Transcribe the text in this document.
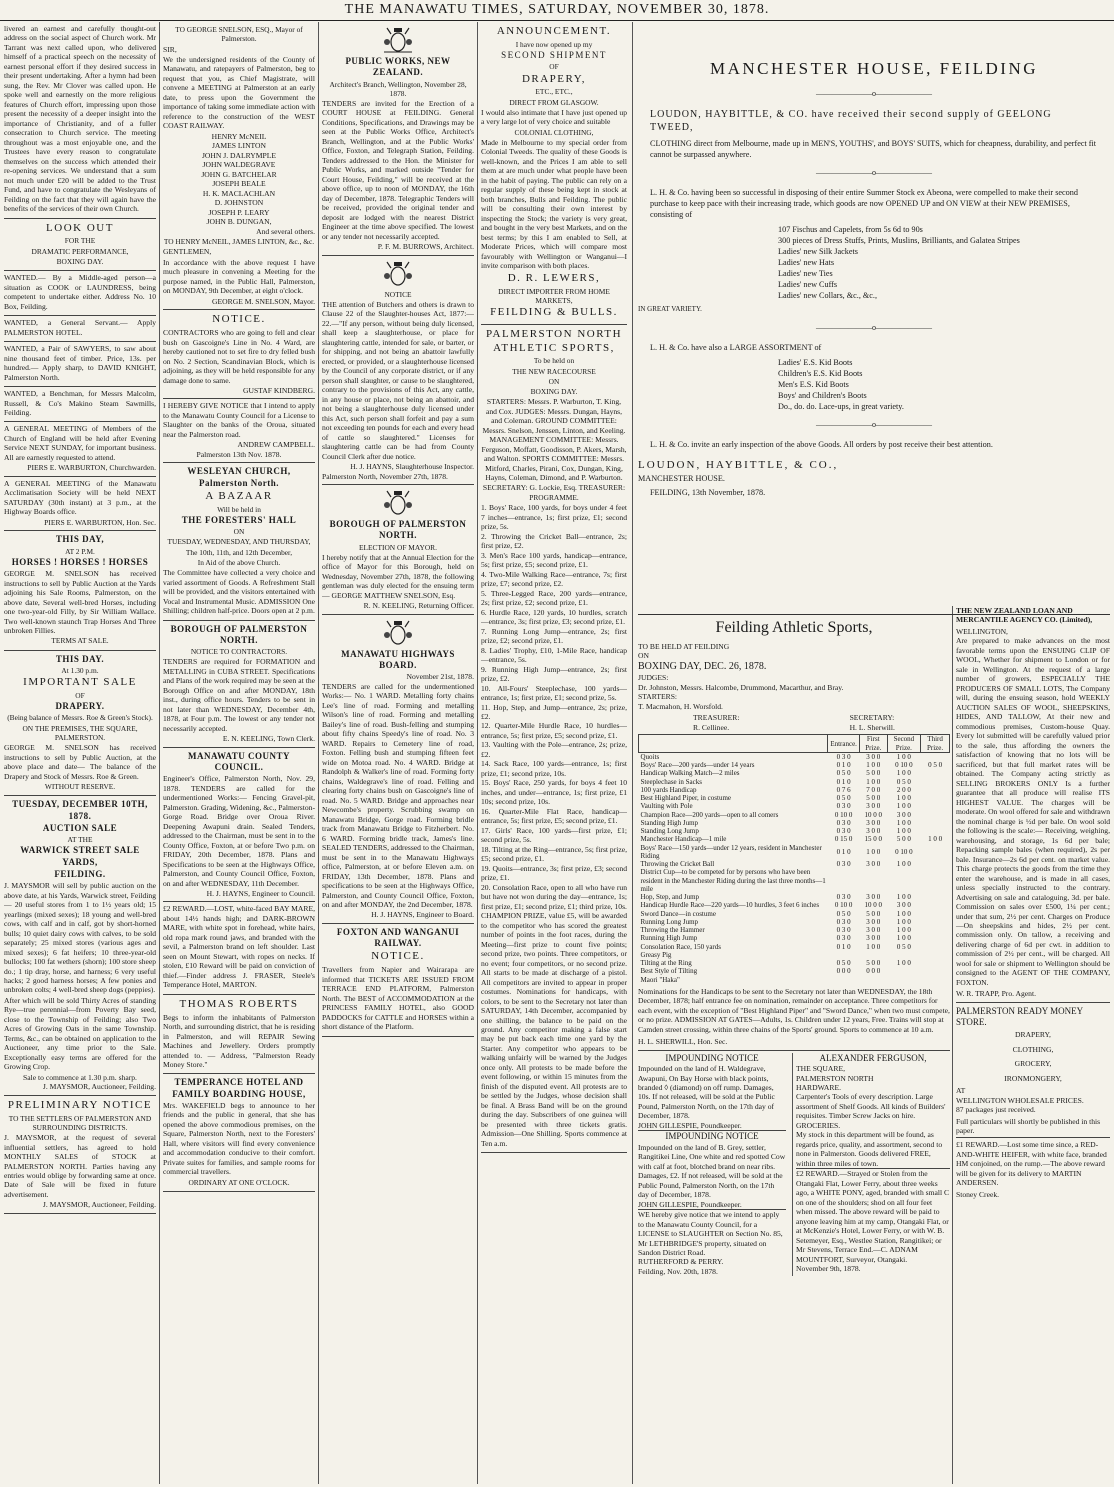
THE MANAWATU TIMES, SATURDAY, NOVEMBER 30, 1878.

livered an earnest and carefully thought-out address on the social aspect of Church work. Mr Tarrant was next called upon, who delivered himself of a practical speech on the necessity of earnest personal effort if they desired success in their present undertaking. After a hymn had been sung, the Rev. Mr Clover was called upon. He spoke well and earnestly on the more religious features of Church effort, impressing upon those present the necessity of a deeper insight into the importance of Christianity, and of a fuller consecration to Church service. The meeting throughout was a most enjoyable one, and the Trustees have every reason to congratulate themselves on the success which attended their re-opening services. We understand that a sum not much under £20 will be added to the Trust Fund, and have to congratulate the Wesleyans of Feilding on the fact that they will again have the benefits of the services of their own Church.

LOOK OUT
FOR THE
DRAMATIC PERFORMANCE,
BOXING DAY.

WANTED.— By a Middle-aged person—a situation as COOK or LAUNDRESS, being competent to undertake either. Address No. 10 Box, Feilding.

WANTED, a General Servant.— Apply PALMERSTON HOTEL.

WANTED, a Pair of SAWYERS, to saw about nine thousand feet of timber. Price, 13s. per hundred.— Apply sharp, to DAVID KNIGHT, Palmerston North.

WANTED, a Benchman, for Messrs Malcolm, Russell, & Co's Makino Steam Sawmills, Feilding.

A GENERAL MEETING of Members of the Church of England will be held after Evening Service NEXT SUNDAY, for important business. All are earnestly requested to attend.

PIERS E. WARBURTON, Churchwarden.

A GENERAL MEETING of the Manawatu Acclimatisation Society will be held NEXT SATURDAY (30th instant) at 3 p.m., at the Highway Boards office.

PIERS E. WARBURTON, Hon. Sec.
THIS DAY,
AT 2 P.M.
HORSES ! HORSES ! HORSES

GEORGE M. SNELSON has received instructions to sell by Public Auction at the Yards adjoining his Sale Rooms, Palmerston, on the above date, Several well-bred Horses, including one two-year-old Filly, by Sir William Wallace. Two well-known staunch Trap Horses And Three unbroken Fillies.

TERMS AT SALE.
THIS DAY.
At 1.30 p.m.
IMPORTANT SALE
OF
DRAPERY.
(Being balance of Messrs. Roe & Green's Stock).
ON THE PREMISES, THE SQUARE, PALMERSTON.

GEORGE M. SNELSON has received instructions to sell by Public Auction, at the above place and date— The balance of the Drapery and Stock of Messrs. Roe & Green.

WITHOUT RESERVE.
TUESDAY, DECEMBER 10TH, 1878.
AUCTION SALE
AT THE
WARWICK STREET SALE YARDS,
FEILDING.

J. MAYSMOR will sell by public auction on the above date, at his Yards, Warwick street, Feilding— 20 useful stores from 1 to 1½ years old; 15 yearlings (mixed sexes); 18 young and well-bred cows, with calf and in calf, got by short-horned bulls; 10 quiet dairy cows with calves, to be sold separately; 25 mixed stores (various ages and mixed sexes); 6 fat heifers; 10 three-year-old bullocks; 100 fat wethers (shorn); 100 store sheep do.; 1 tip dray, horse, and harness; 6 very useful hacks; 2 good harness horses; A few ponies and unbroken colts; 4 well-bred sheep dogs (peppies).

After which will be sold Thirty Acres of standing Rye—true perennial—from Poverty Bay seed, close to the Township of Feilding; also Two Acres of Growing Oats in the same Township. Terms, &c., can be obtained on application to the Auctioneer, any time prior to the Sale. Exceptionally easy terms are offered for the Growing Crop.

Sale to commence at 1.30 p.m. sharp.
J. MAYSMOR, Auctioneer, Feilding.
PRELIMINARY NOTICE
TO THE SETTLERS OF PALMERSTON AND SURROUNDING DISTRICTS.

J. MAYSMOR, at the request of several influential settlers, has agreed to hold MONTHLY SALES of STOCK at PALMERSTON NORTH. Parties having any entries would oblige by forwarding same at once. Date of Sale will be fixed in future advertisement.

J. MAYSMOR, Auctioneer, Feilding.
TO GEORGE SNELSON, ESQ., Mayor of Palmerston.

SIR,

We the undersigned residents of the County of Manawatu, and ratepayers of Palmerston, beg to request that you, as Chief Magistrate, will convene a MEETING at Palmerston at an early date, to press upon the Government the importance of taking some immediate action with reference to the construction of the WEST COAST RAILWAY.

HENRY McNEIL
JAMES LINTON
JOHN J. DALRYMPLE
JOHN WALDEGRAVE
JOHN G. BATCHELAR
JOSEPH BEALE
H. K. MACLACHLAN
D. JOHNSTON
JOSEPH P. LEARY
JOHN B. DUNGAN,
And several others.
TO HENRY McNEIL, JAMES LINTON, &c., &c.

GENTLEMEN,

In accordance with the above request I have much pleasure in convening a Meeting for the purpose named, in the Public Hall, Palmerston, on MONDAY, 9th December, at eight o'clock.

GEORGE M. SNELSON, Mayor.
NOTICE.

CONTRACTORS who are going to fell and clear bush on Gascoigne's Line in No. 4 Ward, are hereby cautioned not to set fire to dry felled bush on No. 2 Section, Scandinavian Block, which is adjoining, as they will be held responsible for any damage done to same.

GUSTAF KINDBERG.

I HEREBY GIVE NOTICE that I intend to apply to the Manawatu County Council for a License to Slaughter on the banks of the Oroua, situated near the Palmerston road.

ANDREW CAMPBELL.
Palmerston 13th Nov. 1878.
WESLEYAN CHURCH, Palmerston North.
A BAZAAR
Will be held in
THE FORESTERS' HALL
ON
TUESDAY, WEDNESDAY, AND THURSDAY,
The 10th, 11th, and 12th December,
In Aid of the above Church.

The Committee have collected a very choice and varied assortment of Goods. A Refreshment Stall will be provided, and the visitors entertained with Vocal and Instrumental Music. ADMISSION One Shilling; children half-price. Doors open at 2 p.m.

BOROUGH OF PALMERSTON NORTH.
NOTICE TO CONTRACTORS.

TENDERS are required for FORMATION and METALLING in CUBA STREET. Specifications and Plans of the work required may be seen at the Borough Office on and after MONDAY, 18th inst., during office hours. Tenders to be sent in not later than WEDNESDAY, December 4th, 1878, at Four p.m. The lowest or any tender not necessarily accepted.

E. N. KEELING, Town Clerk.
MANAWATU COUNTY COUNCIL.

Engineer's Office, Palmerston North, Nov. 29, 1878. TENDERS are called for the undermentioned Works:— Fencing Gravel-pit, Palmerston. Grading, Widening, &c., Palmerston-Gorge Road. Bridge over Oroua River. Deepening Awapuni drain. Sealed Tenders, addressed to the Chairman, must be sent in to the County Office, Foxton, at or before Two p.m. on FRIDAY, 20th December, 1878. Plans and Specifications to be seen at the Highways Office, Palmerston, and County Council Office, Foxton, on and after WEDNESDAY, 11th December.

H. J. HAYNS, Engineer to Council.

£2 REWARD.—LOST, white-faced BAY MARE, about 14½ hands high; and DARK-BROWN MARE, with white spot in forehead, white hairs, old ropa mark round jaws, and branded with the sevil, a Palmerston brand on left shoulder. Last seen on Mount Stewart, with ropes on necks. If stolen, £10 Reward will be paid on conviction of thief.—Finder address J. FRASER, Steele's Temperance Hotel, MARTON.

THOMAS ROBERTS

Begs to inform the inhabitants of Palmerston North, and surrounding district, that he is residing in Palmerston, and will REPAIR Sewing Machines and Jewellery. Orders promptly attended to. — Address, "Palmerston Ready Money Store."

TEMPERANCE HOTEL AND FAMILY BOARDING HOUSE,

Mrs. WAKEFIELD begs to announce to her friends and the public in general, that she has opened the above commodious premises, on the Square, Palmerston North, next to the Foresters' Hall, where visitors will find every convenience and accommodation conducive to their comfort. Private suites for families, and sample rooms for commercial travellers.

ORDINARY AT ONE O'CLOCK.
PUBLIC WORKS, NEW ZEALAND.
Architect's Branch, Wellington, November 28, 1878.

TENDERS are invited for the Erection of a COURT HOUSE at FEILDING. General Conditions, Specifications, and Drawings may be seen at the Public Works Office, Architect's Branch, Wellington, and at the Public Works' Office, Foxton, and Telegraph Station, Feilding. Tenders addressed to the Hon. the Minister for Public Works, and marked outside "Tender for Court House, Feilding," will be received at the above office, up to noon of MONDAY, the 16th day of December, 1878. Telegraphic Tenders will be received, provided the original tender and deposit are lodged with the nearest District Engineer at the time above specified. The lowest or any tender not necessarily accepted.

P. F. M. BURROWS, Architect.
NOTICE

THE attention of Butchers and others is drawn to Clause 22 of the Slaughter-houses Act, 1877:— 22.—"If any person, without being duly licensed, shall keep a slaughterhouse, or place for slaughtering cattle, intended for sale, or barter, or for shipping, and not being an abattoir lawfully erected, or provided, or a slaughterhouse licensed by the Council of any corporate district, or if any person shall slaughter, or cause to be slaughtered, contrary to the provisions of this Act, any cattle, in any house or place, not being an abattoir, and not being a slaughterhouse duly licensed under this Act, such person shall forfeit and pay a sum not exceeding ten pounds for each and every head of cattle so slaughtered." Licenses for slaughtering cattle can be had from County Council Clerk after due notice.

H. J. HAYNS, Slaughterhouse Inspector.
Palmerston North, November 27th, 1878.
BOROUGH OF PALMERSTON NORTH.
ELECTION OF MAYOR.

I hereby notify that at the Annual Election for the office of Mayor for this Borough, held on Wednesday, November 27th, 1878, the following gentleman was duly elected for the ensuing term— GEORGE MATTHEW SNELSON, Esq.

R. N. KEELING, Returning Officer.
MANAWATU HIGHWAYS BOARD.
November 21st, 1878.

TENDERS are called for the undermentioned Works:— No. 1 WARD. Metalling forty chains Lee's line of road. Forming and metalling Wilson's line of road. Forming and metalling Bailey's line of road. Bush-felling and stumping about fifty chains Speedy's line of road. No. 3 WARD. Repairs to Cemetery line of road, Foxton. Felling bush and stumping fifteen feet wide on Motoa road. No. 4 WARD. Bridge at Randolph & Walker's line of road. Forming forty chains, Waldegrave's line of road. Felling and clearing forty chains bush on Gascoigne's line of road. No. 5 WARD. Bridge and approaches near Newcombe's property. Scrubbing swamp on Manawatu Bridge, Gorge road. Forming bridle track from Manawatu Bridge to Fitzherbert. No. 6 WARD. Forming bridle track, James's line. SEALED TENDERS, addressed to the Chairman, must be sent in to the Manawatu Highways office, Palmerston, at or before Eleven a.m. on FRIDAY, 13th December, 1878. Plans and specifications to be seen at the Highways Office, Palmerston, and County Council Office, Foxton, on and after MONDAY, the 2nd December, 1878.

H. J. HAYNS, Engineer to Board.
FOXTON AND WANGANUI RAILWAY.
NOTICE.

Travellers from Napier and Wairarapa are informed that TICKETS ARE ISSUED FROM TERRACE END PLATFORM, Palmerston North. The BEST of ACCOMMODATION at the PRINCESS FAMILY HOTEL, also GOOD PADDOCKS for CATTLE and HORSES within a short distance of the Platform.

ANNOUNCEMENT.
I have now opened up my
SECOND SHIPMENT
OF
DRAPERY,
ETC., ETC.,
DIRECT FROM GLASGOW.

I would also intimate that I have just opened up a very large lot of very choice and suitable

COLONIAL CLOTHING,

Made in Melbourne to my special order from Colonial Tweeds. The quality of these Goods is well-known, and the Prices I am able to sell them at are much under what people have been in the habit of paying. The public can rely on a regular supply of these being kept in stock at both branches, Bulls and Feilding. The public will be consulting their own interest by inspecting the Stock; the variety is very great, and bought in the very best Markets, and on the best terms; by this I am enabled to Sell, at Moderate Prices, which will compare most favourably with Wellington or Wanganui—I invite comparison with both places.

D. R. LEWERS,
DIRECT IMPORTER FROM HOME MARKETS,
FEILDING & BULLS.
PALMERSTON NORTH ATHLETIC SPORTS,
To be held on
THE NEW RACECOURSE
ON
BOXING DAY.

STARTERS: Messrs. P. Warburton, T. King, and Cox. JUDGES: Messrs. Dungan, Hayns, and Coleman. GROUND COMMITTEE: Messrs. Snelson, Jenssen, Linton, and Keeling. MANAGEMENT COMMITTEE: Messrs. Ferguson, Moffatt, Goodisson, P. Akers, Marsh, and Walton. SPORTS COMMITTEE: Messrs. Mitford, Charles, Pirani, Cox, Dungan, King, Hayns, Coleman, Dimond, and P. Warburton. SECRETARY: G. Lockie, Esq. TREASURER:

PROGRAMME.

1. Boys' Race, 100 yards, for boys under 4 feet 7 inches—entrance, 1s; first prize, £1; second prize, 5s.

2. Throwing the Cricket Ball—entrance, 2s; first prize, £2.

3. Men's Race 100 yards, handicap—entrance, 5s; first prize, £5; second prize, £1.

4. Two-Mile Walking Race—entrance, 7s; first prize, £7; second prize, £2.

5. Three-Legged Race, 200 yards—entrance, 2s; first prize, £2; second prize, £1.

6. Hurdle Race, 120 yards, 10 hurdles, scratch—entrance, 3s; first prize, £3; second prize, £1.

7. Running Long Jump—entrance, 2s; first prize, £2; second prize, £1.

8. Ladies' Trophy, £10, 1-Mile Race, handicap—entrance, 5s.

9. Running High Jump—entrance, 2s; first prize, £2.

10. All-Fours' Steeplechase, 100 yards—entrance, 1s; first prize, £1; second prize, 5s.

11. Hop, Step, and Jump—entrance, 2s; prize, £2.

12. Quarter-Mile Hurdle Race, 10 hurdles—entrance, 5s; first prize, £5; second prize, £1.

13. Vaulting with the Pole—entrance, 2s; prize, £2.

14. Sack Race, 100 yards—entrance, 1s; first prize, £1; second prize, 10s.

15. Boys' Race, 250 yards, for boys 4 feet 10 inches, and under—entrance, 1s; first prize, £1 10s; second prize, 10s.

16. Quarter-Mile Flat Race, handicap—entrance, 5s; first prize, £5; second prize, £1.

17. Girls' Race, 100 yards—first prize, £1; second prize, 5s.

18. Tilting at the Ring—entrance, 5s; first prize, £5; second prize, £1.

19. Quoits—entrance, 3s; first prize, £3; second prize, £1.

20. Consolation Race, open to all who have run but have not won during the day—entrance, 1s; first prize, £1; second prize, £1; third prize, 10s.

CHAMPION PRIZE, value £5, will be awarded to the competitor who has scored the greatest number of points in the foot races, during the Meeting—first prize to count five points; second prize, two points. Three competitors, or no event; four competitors, or no second prize. All starts to be made at discharge of a pistol. All competitors are invited to appear in proper costumes. Nominations for handicaps, with colors, to be sent to the Secretary not later than SATURDAY, 14th December, accompanied by one shilling, the balance to be paid on the ground. Any competitor making a false start may be put back each time one yard by the Starter. Any competitor who appears to be walking unfairly will be warned by the Judges once only. All protests to be made before the event following, or within 15 minutes from the finish of the disputed event. All protests are to be settled by the Judges, whose decision shall be final. A Brass Band will be on the ground during the day. Subscribers of one guinea will be presented with three tickets gratis. Admission—One Shilling. Sports commence at Ten a.m.

MANCHESTER HOUSE, FEILDING
———————o———————

LOUDON, HAYBITTLE, & CO. have received their second supply of GEELONG TWEED,

CLOTHING direct from Melbourne, made up in MEN'S, YOUTHS', and BOYS' SUITS, which for cheapness, durability, and perfect fit cannot be surpassed anywhere.

———————o———————

L. H. & Co. having been so successful in disposing of their entire Summer Stock ex Abeona, were compelled to make their second purchase to keep pace with their increasing trade, which goods are now OPENED UP and ON VIEW at their NEW PREMISES, consisting of

107 Fischus and Capelets, from 5s 6d to 90s
300 pieces of Dress Stuffs, Prints, Muslins, Brilliants, and Galatea Stripes
Ladies' new Silk Jackets
Ladies' new Hats
Ladies' new Ties
Ladies' new Cuffs
Ladies' new Collars, &c., &c.,
IN GREAT VARIETY.
———————o———————

L. H. & Co. have also a LARGE ASSORTMENT of

Ladies' E.S. Kid Boots
Children's E.S. Kid Boots
Men's E.S. Kid Boots
Boys' and Children's Boots
Do., do. do. Lace-ups, in great variety.
———————o———————

L. H. & Co. invite an early inspection of the above Goods. All orders by post receive their best attention.

LOUDON, HAYBITTLE, & CO.,
MANCHESTER HOUSE.

FEILDING, 13th November, 1878.

Feilding Athletic Sports,
TO BE HELD AT FEILDING
ON
BOXING DAY, DEC. 26, 1878.
JUDGES:
Dr. Johnston, Messrs. Halcombe, Drummond, Macarthur, and Bray.
STARTERS:
T. Macmahon, H. Worsfold.
TREASURER:
R. Cellinee.
SECRETARY:
H. L. Sherwill.
	Entrance.	First Prize.	Second Prize.	Third Prize.
Quoits	0 3 0	3 0 0	1 0 0	
Boys' Race—200 yards—under 14 years	0 1 0	1 0 0	0 10 0	0 5 0
Handicap Walking Match—2 miles	0 5 0	5 0 0	1 0 0	
Steeplechase in Sacks	0 1 0	1 0 0	0 5 0	
100 yards Handicap	0 7 6	7 0 0	2 0 0	
Best Highland Piper, in costume	0 5 0	5 0 0	1 0 0	
Vaulting with Pole	0 3 0	3 0 0	1 0 0	
Champion Race—200 yards—open to all comers	0 10 0	10 0 0	3 0 0	
Standing High Jump	0 3 0	3 0 0	1 0 0	
Standing Long Jump	0 3 0	3 0 0	1 0 0	
Manchester Handicap—1 mile	0 15 0	15 0 0	5 0 0	1 0 0
Boys' Race—150 yards—under 12 years, resident in Manchester Riding	0 1 0	1 0 0	0 10 0	
Throwing the Cricket Ball	0 3 0	3 0 0	1 0 0	
District Cup—to be competed for by persons who have been resident in the Manchester Riding during the last three months—1 mile				
Hop, Step, and Jump	0 3 0	3 0 0	1 0 0	
Handicap Hurdle Race—220 yards—10 hurdles, 3 feet 6 inches	0 10 0	10 0 0	3 0 0	
Sword Dance—in costume	0 5 0	5 0 0	1 0 0	
Running Long Jump	0 3 0	3 0 0	1 0 0	
Throwing the Hammer	0 3 0	3 0 0	1 0 0	
Running High Jump	0 3 0	3 0 0	1 0 0	
Consolation Race, 150 yards	0 1 0	1 0 0	0 5 0	
Greasy Pig				
Tilting at the Ring	0 5 0	5 0 0	1 0 0	
Best Style of Tilting	0 0 0	0 0 0		
Maori "Haka"				

Nominations for the Handicaps to be sent to the Secretary not later than WEDNESDAY, the 18th December, 1878; half entrance fee on nomination, remainder on acceptance. Three competitors for each event, with the exception of "Best Highland Piper" and "Sword Dance," when two must compete, or no prize. ADMISSION AT GATES—Adults, 1s. Children under 12 years, Free. Trains will stop at Camden street crossing, within three chains of the Sports' ground. Sports to commence at 10 a.m.

H. L. SHERWILL, Hon. Sec.
IMPOUNDING NOTICE

Impounded on the land of H. Waldegrave, Awapuni, On Bay Horse with black points, branded ◊ (diamond) on off rump. Damages, 10s. If not released, will be sold at the Public Pound, Palmerston North, on the 17th day of December, 1878.

JOHN GILLESPIE, Poundkeeper.
IMPOUNDING NOTICE

Impounded on the land of B. Grey, settler, Rangitikei Line, One white and red spotted Cow with calf at foot, blotched brand on near ribs. Damages, £2. If not released, will be sold at the Public Pound, Palmerston North, on the 17th day of December, 1878.

JOHN GILLESPIE, Poundkeeper.

WE hereby give notice that we intend to apply to the Manawatu County Council, for a LICENSE to SLAUGHTER on Section No. 85, Mr LETHBRIDGE'S property, situated on Sandon District Road.

RUTHERFORD & PERRY.
Feilding, Nov. 20th, 1878.
ALEXANDER FERGUSON,
THE SQUARE,
PALMERSTON NORTH
HARDWARE.

Carpenter's Tools of every description. Large assortment of Shelf Goods. All kinds of Builders' requisites. Timber Screw Jacks on hire.

GROCERIES.

My stock in this department will be found, as regards price, quality, and assortment, second to none in Palmerston. Goods delivered FREE, within three miles of town.

£2 REWARD.—Strayed or Stolen from the Otangaki Flat, Lower Ferry, about three weeks ago, a WHITE PONY, aged, branded with small C on one of the shoulders; shod on all four feet when missed. The above reward will be paid to anyone leaving him at my camp, Otangaki Flat, or at McKenzie's Hotel, Lower Ferry, or with W. B. Setemeyer, Esq., Westlee Station, Rangitikei; or Mr Stevens, Terrace End.—C. ADNAM MOUNTFORT, Surveyor, Otangaki.

November 9th, 1878.

THE NEW ZEALAND LOAN AND MERCANTILE AGENCY CO. (Limited),

WELLINGTON,

Are prepared to make advances on the most favorable terms upon the ENSUING CLIP OF WOOL, Whether for shipment to London or for sale in Wellington. At the request of a large number of growers, ESPECIALLY THE PRODUCERS OF SMALL LOTS, The Company will, during the ensuing season, hold WEEKLY AUCTION SALES OF WOOL, SHEEPSKINS, HIDES, AND TALLOW, At their new and commodious premises, Custom-house Quay. Every lot submitted will be carefully valued prior to the sale, thus affording the owners the satisfaction of knowing that no lots will be sacrificed, but that full market rates will be obtained. The Company acting strictly as SELLING BROKERS ONLY Is a further guarantee that all produce will realise ITS HIGHEST VALUE. The charges will be moderate. On wool offered for sale and withdrawn the nominal charge is ½d per bale. On wool sold the following is the scale:— Receiving, weighing, warehousing, and storage, 1s 6d per bale; Repacking sample bales (when required), 2s per bale. Insurance—2s 6d per cent. on market value. This charge protects the goods from the time they enter the warehouse, and is made in all cases, unless specially instructed to the contrary. Advertising on sale and cataloguing, 3d. per bale. Commission on sales over £500, 1¼ per cent.; under that sum, 2½ per cent. Charges on Produce—On sheepskins and hides, 2½ per cent. commission only. On tallow, a receiving and delivering charge of 6d per cwt. in addition to commission of 2½ per cent., will be charged. All wool for sale or shipment to Wellington should be consigned to the AGENT OF THE COMPANY, FOXTON.

W. R. TRAPP, Pro. Agent.
PALMERSTON READY MONEY STORE.
DRAPERY,
CLOTHING,
GROCERY,
IRONMONGERY,
AT
WELLINGTON WHOLESALE PRICES.

87 packages just received.

Full particulars will shortly be published in this paper.

£1 REWARD.—Lost some time since, a RED-AND-WHITE HEIFER, with white face, branded HM conjoined, on the rump.—The above reward will be given for its delivery to MARTIN ANDERSEN.

Stoney Creek.
